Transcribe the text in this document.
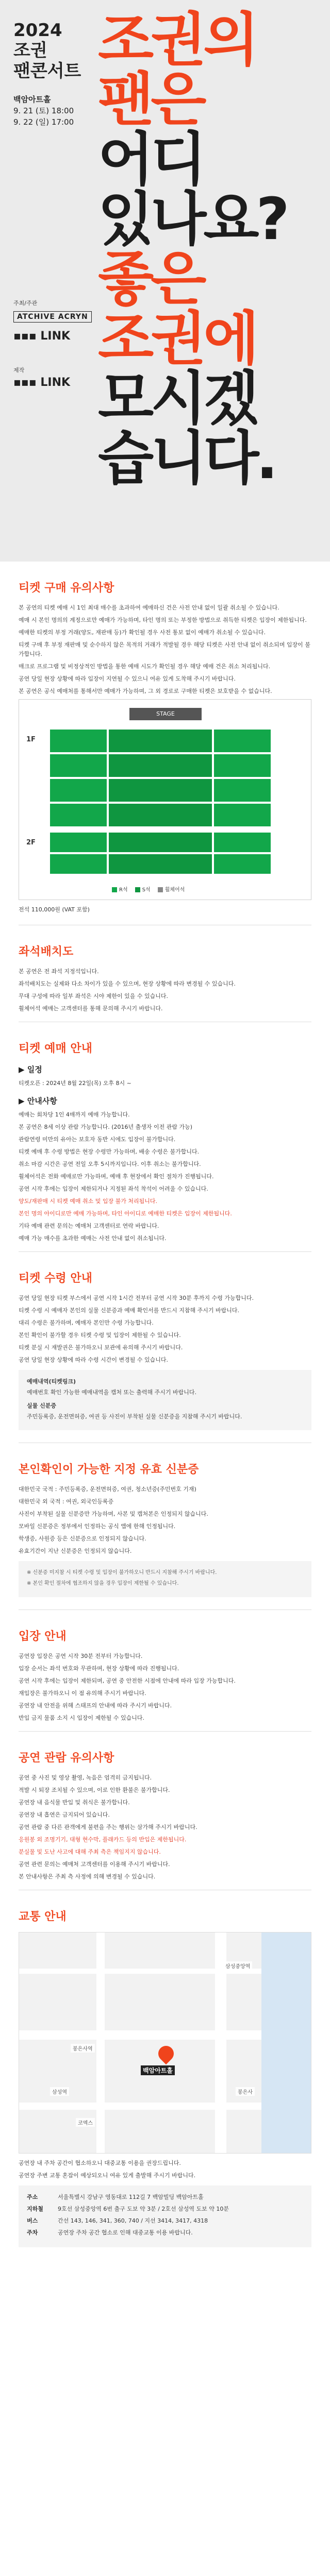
2024
조권
팬콘서트
백암아트홀
9. 21 (토) 18:00
9. 22 (일) 17:00
주최/주관
ATCHIVE ACRYN
▪▪▪ LINK
제작
▪▪▪ LINK
조권의
팬은
어디
있나요?
좋은
조권에
모시겠
습니다.
티켓 구매 유의사항

본 공연의 티켓 예매 시 1인 최대 매수를 초과하여 예매하신 건은 사전 안내 없이 일괄 취소될 수 있습니다.

예매 시 본인 명의의 계정으로만 예매가 가능하며, 타인 명의 또는 부정한 방법으로 취득한 티켓은 입장이 제한됩니다.

예매한 티켓의 부정 거래(양도, 재판매 등)가 확인될 경우 사전 통보 없이 예매가 취소될 수 있습니다.

티켓 구매 후 부정 재판매 및 순수하지 않은 목적의 거래가 적발될 경우 해당 티켓은 사전 안내 없이 취소되며 입장이 불가합니다.

매크로 프로그램 및 비정상적인 방법을 통한 예매 시도가 확인될 경우 해당 예매 건은 취소 처리됩니다.

공연 당일 현장 상황에 따라 입장이 지연될 수 있으니 여유 있게 도착해 주시기 바랍니다.

본 공연은 공식 예매처를 통해서만 예매가 가능하며, 그 외 경로로 구매한 티켓은 보호받을 수 없습니다.

STAGE
1F
2F
R석	S석	휠체어석
전석 110,000원 (VAT 포함)
좌석배치도

본 공연은 전 좌석 지정석입니다.

좌석배치도는 실제와 다소 차이가 있을 수 있으며, 현장 상황에 따라 변경될 수 있습니다.

무대 구성에 따라 일부 좌석은 시야 제한이 있을 수 있습니다.

휠체어석 예매는 고객센터를 통해 문의해 주시기 바랍니다.

티켓 예매 안내
▶ 일정

티켓오픈 : 2024년 8월 22일(목) 오후 8시 ~

▶ 안내사항

예매는 회차당 1인 4매까지 예매 가능합니다.

본 공연은 8세 이상 관람 가능합니다. (2016년 출생자 이전 관람 가능)

관람연령 미만의 유아는 보호자 동반 시에도 입장이 불가합니다.

티켓 예매 후 수령 방법은 현장 수령만 가능하며, 배송 수령은 불가합니다.

취소 마감 시간은 공연 전일 오후 5시까지입니다. 이후 취소는 불가합니다.

휠체어석은 전화 예매로만 가능하며, 예매 후 현장에서 확인 절차가 진행됩니다.

공연 시작 후에는 입장이 제한되거나 지정된 좌석 착석이 어려울 수 있습니다.

양도/재판매 시 티켓 예매 취소 및 입장 불가 처리됩니다.

본인 명의 아이디로만 예매 가능하며, 타인 아이디로 예매한 티켓은 입장이 제한됩니다.

기타 예매 관련 문의는 예매처 고객센터로 연락 바랍니다.

예매 가능 매수를 초과한 예매는 사전 안내 없이 취소됩니다.

티켓 수령 안내

공연 당일 현장 티켓 부스에서 공연 시작 1시간 전부터 공연 시작 30분 후까지 수령 가능합니다.

티켓 수령 시 예매자 본인의 실물 신분증과 예매 확인서를 반드시 지참해 주시기 바랍니다.

대리 수령은 불가하며, 예매자 본인만 수령 가능합니다.

본인 확인이 불가할 경우 티켓 수령 및 입장이 제한될 수 있습니다.

티켓 분실 시 재발권은 불가하오니 보관에 유의해 주시기 바랍니다.

공연 당일 현장 상황에 따라 수령 시간이 변경될 수 있습니다.

예매내역(티켓링크)

예매번호 확인 가능한 예매내역을 캡처 또는 출력해 주시기 바랍니다.

실물 신분증

주민등록증, 운전면허증, 여권 등 사진이 부착된 실물 신분증을 지참해 주시기 바랍니다.

본인확인이 가능한 지정 유효 신분증

대한민국 국적 : 주민등록증, 운전면허증, 여권, 청소년증(주민번호 기재)

대한민국 외 국적 : 여권, 외국인등록증

사진이 부착된 실물 신분증만 가능하며, 사본 및 캡처본은 인정되지 않습니다.

모바일 신분증은 정부에서 인정하는 공식 앱에 한해 인정됩니다.

학생증, 사원증 등은 신분증으로 인정되지 않습니다.

유효기간이 지난 신분증은 인정되지 않습니다.

※ 신분증 미지참 시 티켓 수령 및 입장이 불가하오니 반드시 지참해 주시기 바랍니다.

※ 본인 확인 절차에 협조하지 않을 경우 입장이 제한될 수 있습니다.

입장 안내

공연장 입장은 공연 시작 30분 전부터 가능합니다.

입장 순서는 좌석 번호와 무관하며, 현장 상황에 따라 진행됩니다.

공연 시작 후에는 입장이 제한되며, 공연 중 안전한 시점에 안내에 따라 입장 가능합니다.

재입장은 불가하오니 이 점 유의해 주시기 바랍니다.

공연장 내 안전을 위해 스태프의 안내에 따라 주시기 바랍니다.

반입 금지 물품 소지 시 입장이 제한될 수 있습니다.

공연 관람 유의사항

공연 중 사진 및 영상 촬영, 녹음은 엄격히 금지됩니다.

적발 시 퇴장 조치될 수 있으며, 이로 인한 환불은 불가합니다.

공연장 내 음식물 반입 및 취식은 불가합니다.

공연장 내 흡연은 금지되어 있습니다.

공연 관람 중 다른 관객에게 불편을 주는 행위는 삼가해 주시기 바랍니다.

응원봉 외 조명기기, 대형 현수막, 플래카드 등의 반입은 제한됩니다.

분실물 및 도난 사고에 대해 주최 측은 책임지지 않습니다.

공연 관련 문의는 예매처 고객센터를 이용해 주시기 바랍니다.

본 안내사항은 주최 측 사정에 의해 변경될 수 있습니다.

교통 안내
백암아트홀
삼성중앙역
봉은사역
삼성역
코엑스
봉은사

공연장 내 주차 공간이 협소하오니 대중교통 이용을 권장드립니다.

공연장 주변 교통 혼잡이 예상되오니 여유 있게 출발해 주시기 바랍니다.

주소	서울특별시 강남구 영동대로 112길 7 백암빌딩 백암아트홀
지하철	9호선 삼성중앙역 6번 출구 도보 약 3분 / 2호선 삼성역 도보 약 10분
버스	간선 143, 146, 341, 360, 740 / 지선 3414, 3417, 4318
주차	공연장 주차 공간 협소로 인해 대중교통 이용 바랍니다.
